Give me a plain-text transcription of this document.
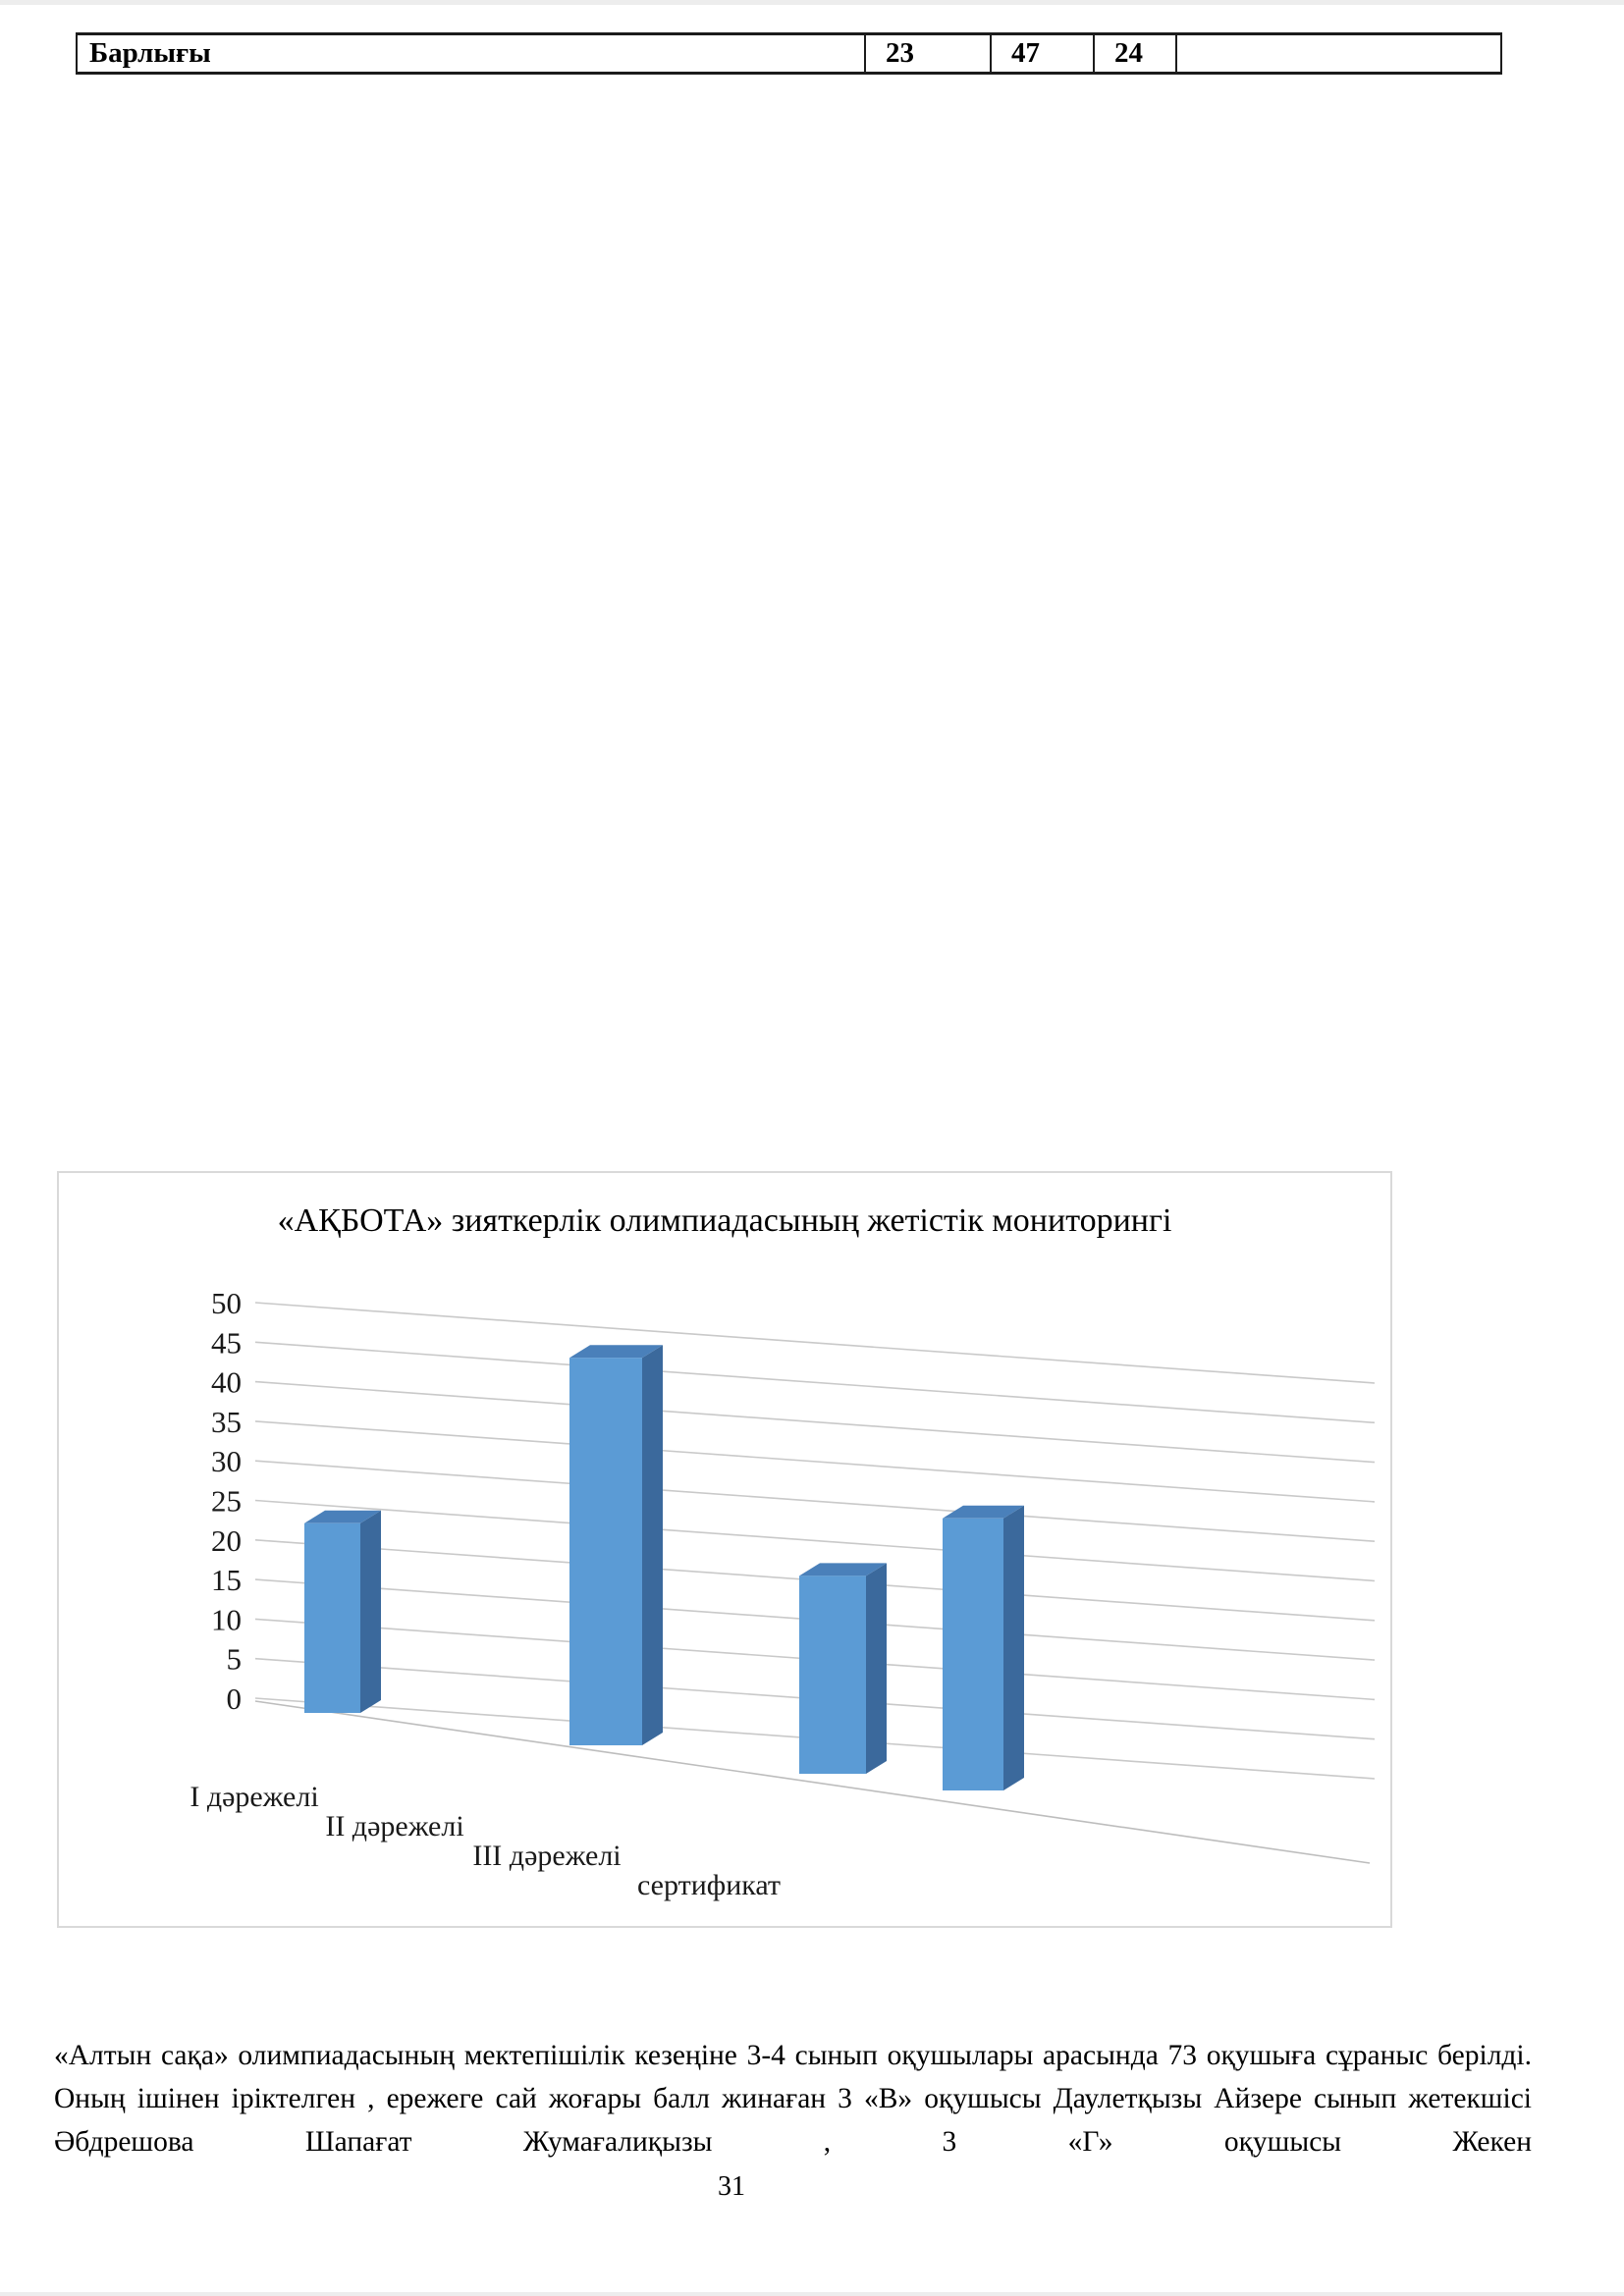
Барлығы	23	47	24	
«АҚБОТА» зияткерлік олимпиадасының жетістік мониторингі
0
5
10
15
20
25
30
35
40
45
50
І дәрежелі
ІІ дәрежелі
ІІІ дәрежелі
сертификат

«Алтын сақа» олимпиадасының мектепішілік кезеңіне 3-4 сынып оқушылары арасында 73 оқушыға сұраныс берілді. Оның ішінен іріктелген , ережеге сай жоғары балл жинаған 3 «В» оқушысы Даулетқызы Айзере сынып жетекшісі Әбдрешова Шапағат Жумағалиқызы , 3 «Г» оқушысы Жекен

31
